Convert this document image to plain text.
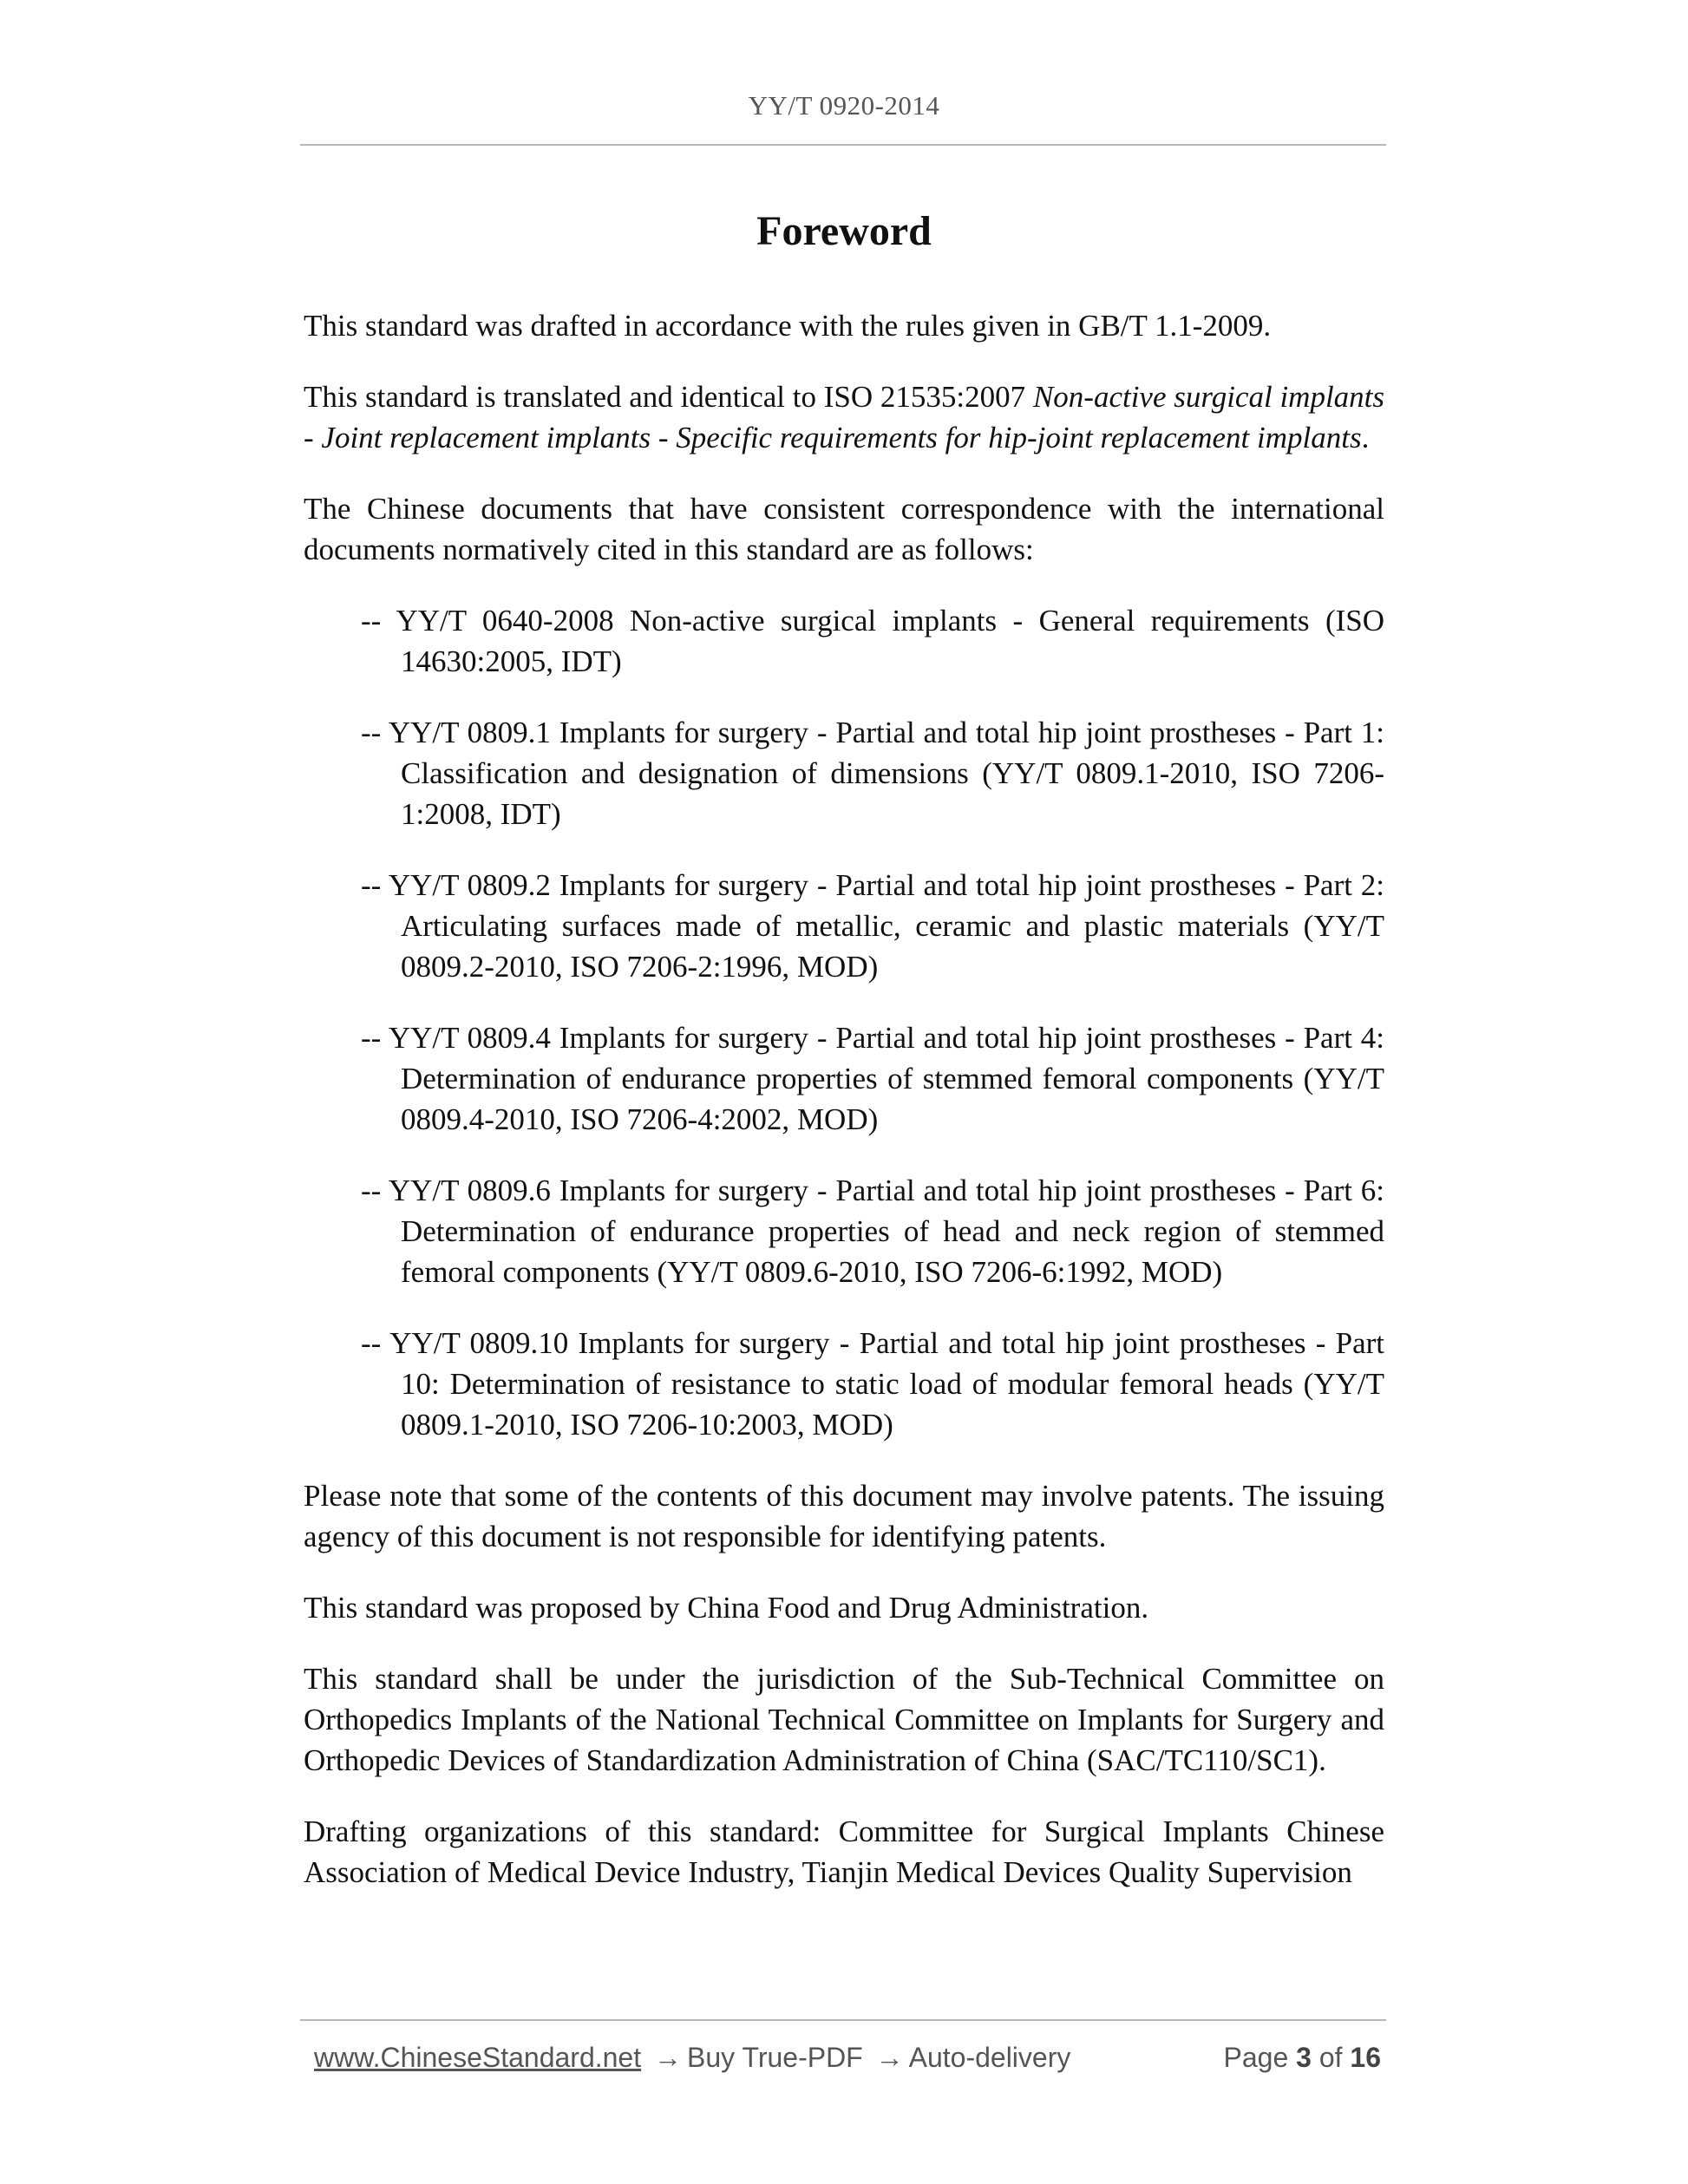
YY/T 0920-2014
Foreword

This standard was drafted in accordance with the rules given in GB/T 1.1-2009.

This standard is translated and identical to ISO 21535:2007 Non-active surgical implants - Joint replacement implants - Specific requirements for hip-joint replacement implants.

The Chinese documents that have consistent correspondence with the international documents normatively cited in this standard are as follows:

-- YY/T 0640-2008 Non-active surgical implants - General requirements (ISO 14630:2005, IDT)
-- YY/T 0809.1 Implants for surgery - Partial and total hip joint prostheses - Part 1: Classification and designation of dimensions (YY/T 0809.1-2010, ISO 7206-1:2008, IDT)
-- YY/T 0809.2 Implants for surgery - Partial and total hip joint prostheses - Part 2: Articulating surfaces made of metallic, ceramic and plastic materials (YY/T 0809.2-2010, ISO 7206-2:1996, MOD)
-- YY/T 0809.4 Implants for surgery - Partial and total hip joint prostheses - Part 4: Determination of endurance properties of stemmed femoral components (YY/T 0809.4-2010, ISO 7206-4:2002, MOD)
-- YY/T 0809.6 Implants for surgery - Partial and total hip joint prostheses - Part 6: Determination of endurance properties of head and neck region of stemmed femoral components (YY/T 0809.6-2010, ISO 7206-6:1992, MOD)
-- YY/T 0809.10 Implants for surgery - Partial and total hip joint prostheses - Part 10: Determination of resistance to static load of modular femoral heads (YY/T 0809.1-2010, ISO 7206-10:2003, MOD)

Please note that some of the contents of this document may involve patents. The issuing agency of this document is not responsible for identifying patents.

This standard was proposed by China Food and Drug Administration.

This standard shall be under the jurisdiction of the Sub-Technical Committee on Orthopedics Implants of the National Technical Committee on Implants for Surgery and Orthopedic Devices of Standardization Administration of China (SAC/TC110/SC1).

Drafting organizations of this standard: Committee for Surgical Implants Chinese Association of Medical Device Industry, Tianjin Medical Devices Quality Supervision

www.ChineseStandard.net → Buy True-PDF → Auto-delivery	Page 3 of 16
